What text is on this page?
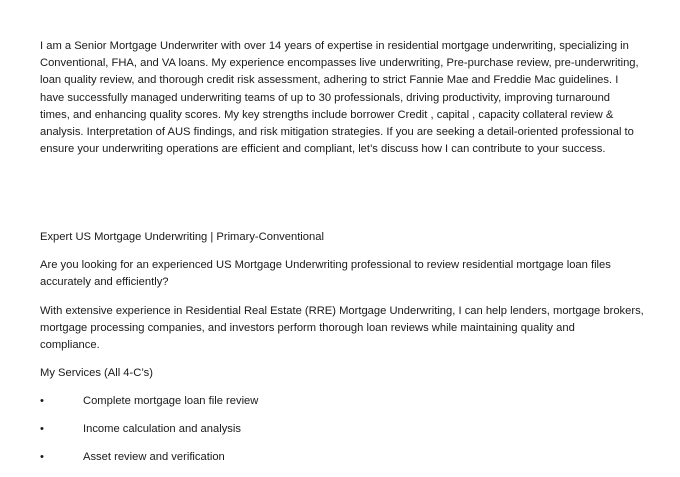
I am a Senior Mortgage Underwriter with over 14 years of expertise in residential mortgage underwriting, specializing in
Conventional, FHA, and VA loans. My experience encompasses live underwriting, Pre-purchase review, pre-underwriting,
loan quality review, and thorough credit risk assessment, adhering to strict Fannie Mae and Freddie Mac guidelines. I
have successfully managed underwriting teams of up to 30 professionals, driving productivity, improving turnaround
times, and enhancing quality scores. My key strengths include borrower Credit , capital , capacity collateral review &
analysis. Interpretation of AUS findings, and risk mitigation strategies. If you are seeking a detail-oriented professional to
ensure your underwriting operations are efficient and compliant, let’s discuss how I can contribute to your success.

Expert US Mortgage Underwriting | Primary-Conventional

Are you looking for an experienced US Mortgage Underwriting professional to review residential mortgage loan files
accurately and efficiently?

With extensive experience in Residential Real Estate (RRE) Mortgage Underwriting, I can help lenders, mortgage brokers,
mortgage processing companies, and investors perform thorough loan reviews while maintaining quality and
compliance.

My Services (All 4-C’s)

•	Complete mortgage loan file review
•	Income calculation and analysis
•	Asset review and verification
